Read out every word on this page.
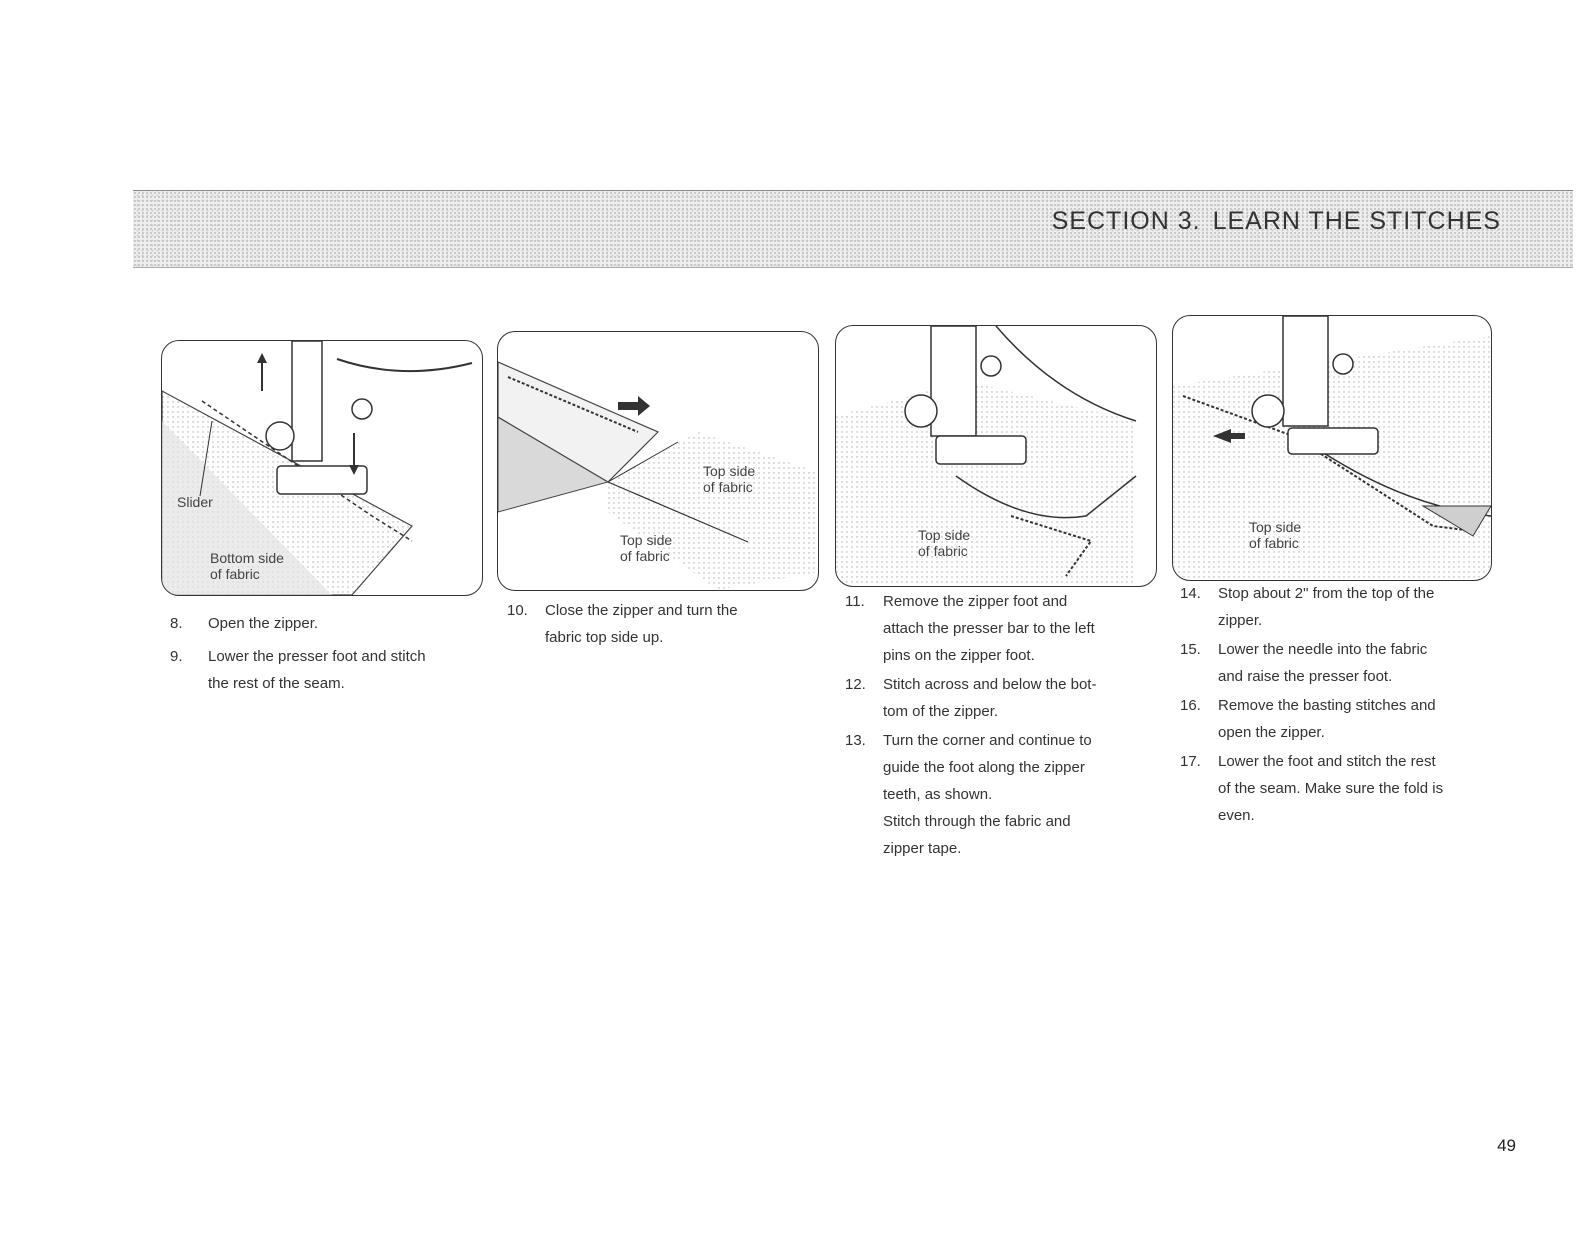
SECTION 3. LEARN THE STITCHES
Slider
Bottom side
of fabric
Top side
of fabric
Top side
of fabric
Top side
of fabric
Top side
of fabric
8. Open the zipper.
9. Lower the presser foot and stitch
the rest of the seam.
10. Close the zipper and turn the
fabric top side up.
11. Remove the zipper foot and
attach the presser bar to the left
pins on the zipper foot.
12. Stitch across and below the bot-
tom of the zipper.
13. Turn the corner and continue to
guide the foot along the zipper
teeth, as shown.
Stitch through the fabric and
zipper tape.
14. Stop about 2" from the top of the
zipper.
15. Lower the needle into the fabric
and raise the presser foot.
16. Remove the basting stitches and
open the zipper.
17. Lower the foot and stitch the rest
of the seam. Make sure the fold is
even.
49
